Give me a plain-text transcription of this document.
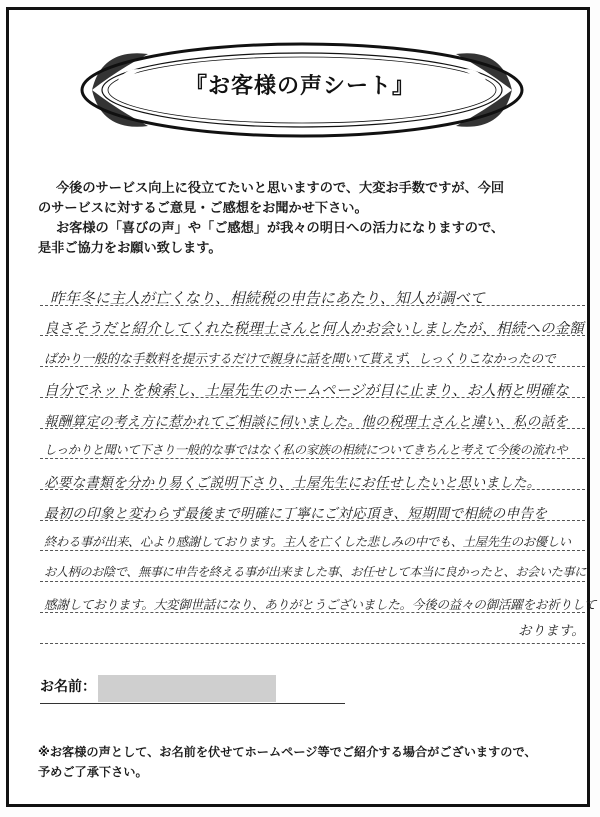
『お客様の声シート』

今後のサービス向上に役立てたいと思いますので、大変お手数ですが、今回

のサービスに対するご意見・ご感想をお聞かせ下さい。

お客様の「喜びの声」や「ご感想」が我々の明日への活力になりますので、

是非ご協力をお願い致します。

昨年冬に主人が亡くなり、相続税の申告にあたり、知人が調べて
良さそうだと紹介してくれた税理士さんと何人かお会いしましたが、相続への金額
ばかり一般的な手数料を提示するだけで親身に話を聞いて貰えず、しっくりこなかったので
自分でネットを検索し、土屋先生のホームページが目に止まり、お人柄と明確な
報酬算定の考え方に惹かれてご相談に伺いました。他の税理士さんと違い、私の話を
しっかりと聞いて下さり一般的な事ではなく私の家族の相続についてきちんと考えて今後の流れや
必要な書類を分かり易くご説明下さり、土屋先生にお任せしたいと思いました。
最初の印象と変わらず最後まで明確に丁寧にご対応頂き、短期間で相続の申告を
終わる事が出来、心より感謝しております。主人を亡くした悲しみの中でも、土屋先生のお優しい
お人柄のお陰で、無事に申告を終える事が出来ました事、お任せして本当に良かったと、お会いた事に
感謝しております。大変御世話になり、ありがとうございました。今後の益々の御活躍をお祈りして
おります。
お名前：

※お客様の声として、お名前を伏せてホームページ等でご紹介する場合がございますので、

予めご了承下さい。
